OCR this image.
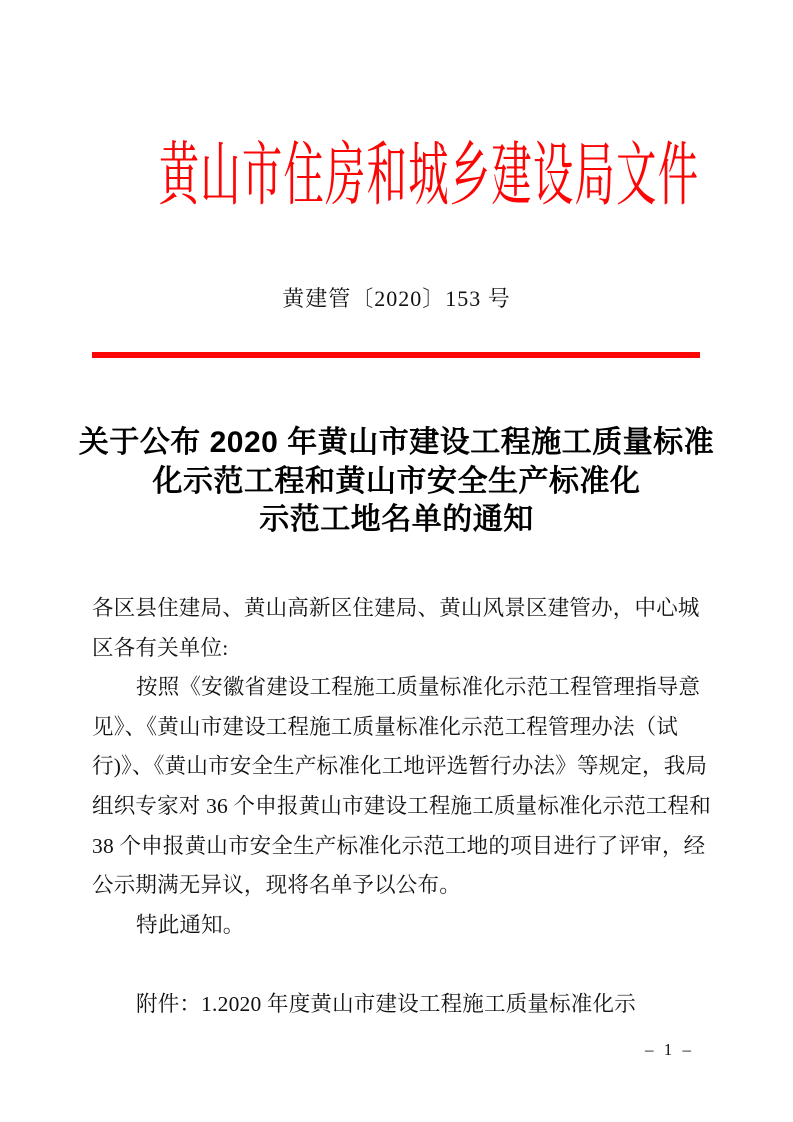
黄山市住房和城乡建设局文件
黄建管〔2020〕153 号
关于公布 2020 年黄山市建设工程施工质量标准
化示范工程和黄山市安全生产标准化
示范工地名单的通知
各区县住建局、黄山高新区住建局、黄山风景区建管办，中心城
区各有关单位:
按照《安徽省建设工程施工质量标准化示范工程管理指导意
见》、《黄山市建设工程施工质量标准化示范工程管理办法（试
行)》、《黄山市安全生产标准化工地评选暂行办法》等规定，我局
组织专家对 36 个申报黄山市建设工程施工质量标准化示范工程和
38 个申报黄山市安全生产标准化示范工地的项目进行了评审，经
公示期满无异议，现将名单予以公布。
特此通知。
附件：1.2020 年度黄山市建设工程施工质量标准化示
– 1 –
